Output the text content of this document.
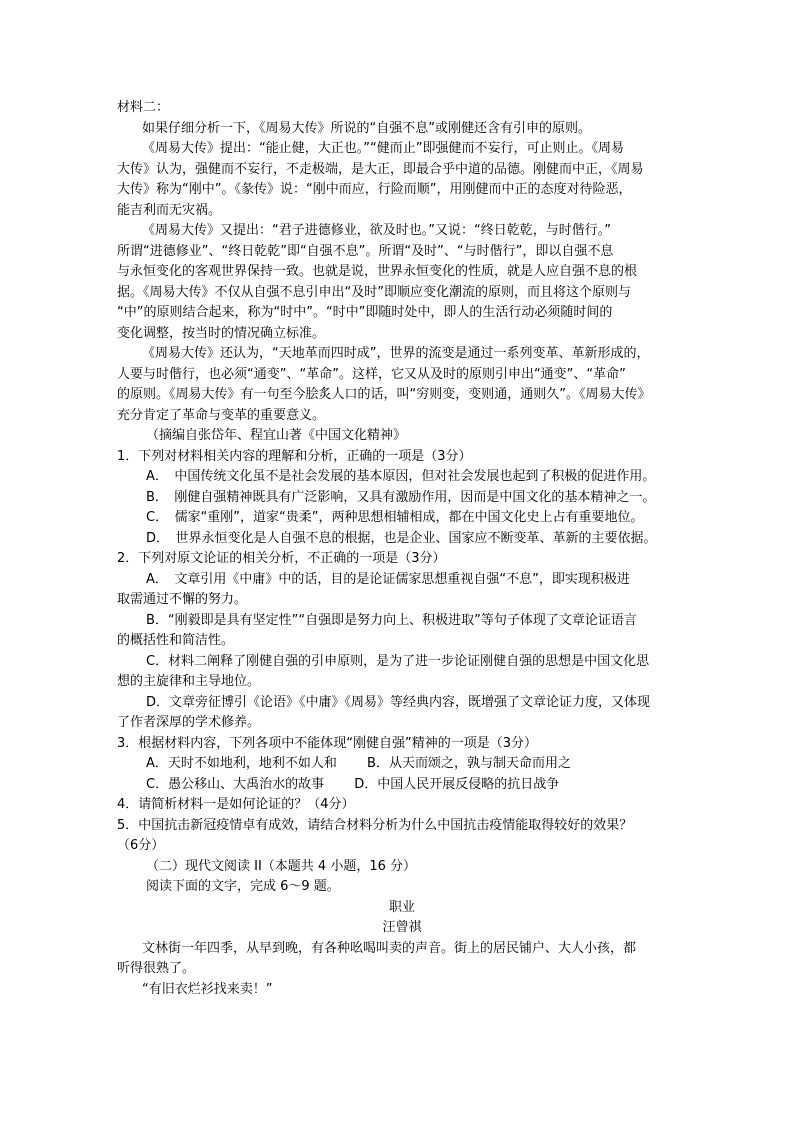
材料二：
如果仔细分析一下，《周易大传》所说的“自强不息”或刚健还含有引申的原则。
《周易大传》提出：“能止健，大正也。”“健而止”即强健而不妄行，可止则止。《周易
大传》认为，强健而不妄行，不走极端，是大正，即最合乎中道的品德。刚健而中正，《周易
大传》称为“刚中”。《彖传》说：“刚中而应，行险而顺”，用刚健而中正的态度对待险恶，
能吉利而无灾祸。
《周易大传》又提出：“君子进德修业，欲及时也。”又说：“终日乾乾，与时偕行。”
所谓“进德修业”、“终日乾乾”即“自强不息”。所谓“及时”、“与时偕行”，即以自强不息
与永恒变化的客观世界保持一致。也就是说，世界永恒变化的性质，就是人应自强不息的根
据。《周易大传》不仅从自强不息引申出“及时”即顺应变化潮流的原则，而且将这个原则与
“中”的原则结合起来，称为“时中”。“时中”即随时处中，即人的生活行动必须随时间的
变化调整，按当时的情况确立标准。
《周易大传》还认为，“天地革而四时成”，世界的流变是通过一系列变革、革新形成的，
人要与时偕行，也必须“通变”、“革命”。这样，它又从及时的原则引申出“通变”、“革命”
的原则。《周易大传》有一句至今脍炙人口的话，叫“穷则变，变则通，通则久”。《周易大传》
充分肯定了革命与变革的重要意义。
（摘编自张岱年、程宜山著《中国文化精神》
1．下列对材料相关内容的理解和分析，正确的一项是（3分）
A．　中国传统文化虽不是社会发展的基本原因，但对社会发展也起到了积极的促进作用。
B．　刚健自强精神既具有广泛影响，又具有激励作用，因而是中国文化的基本精神之一。
C．　儒家“重刚”，道家“贵柔”，两种思想相辅相成，都在中国文化史上占有重要地位。
D．　世界永恒变化是人自强不息的根据，也是企业、国家应不断变革、革新的主要依据。
2．下列对原文论证的相关分析，不正确的一项是（3分）
A．　文章引用《中庸》中的话，目的是论证儒家思想重视自强“不息”，即实现积极进
取需通过不懈的努力。
B．“刚毅即是具有坚定性”“自强即是努力向上、积极进取”等句子体现了文章论证语言
的概括性和简洁性。
C．材料二阐释了刚健自强的引申原则，是为了进一步论证刚健自强的思想是中国文化思
想的主旋律和主导地位。
D．文章旁征博引《论语》《中庸》《周易》等经典内容，既增强了文章论证力度，又体现
了作者深厚的学术修养。
3．根据材料内容，下列各项中不能体现“刚健自强”精神的一项是（3分）
A．天时不如地利，地利不如人和　　 B．从天而颂之，孰与制天命而用之
C．愚公移山、大禹治水的故事　　 D．中国人民开展反侵略的抗日战争
4．请简析材料一是如何论证的？（4分）
5．中国抗击新冠疫情卓有成效，请结合材料分析为什么中国抗击疫情能取得较好的效果？
（6分）
（二）现代文阅读 II（本题共 4 小题，16 分）
阅读下面的文字，完成 6～9 题。
职业
汪曾祺
文林街一年四季，从早到晚，有各种吆喝叫卖的声音。街上的居民铺户、大人小孩，都
听得很熟了。
“有旧衣烂衫找来卖！”
